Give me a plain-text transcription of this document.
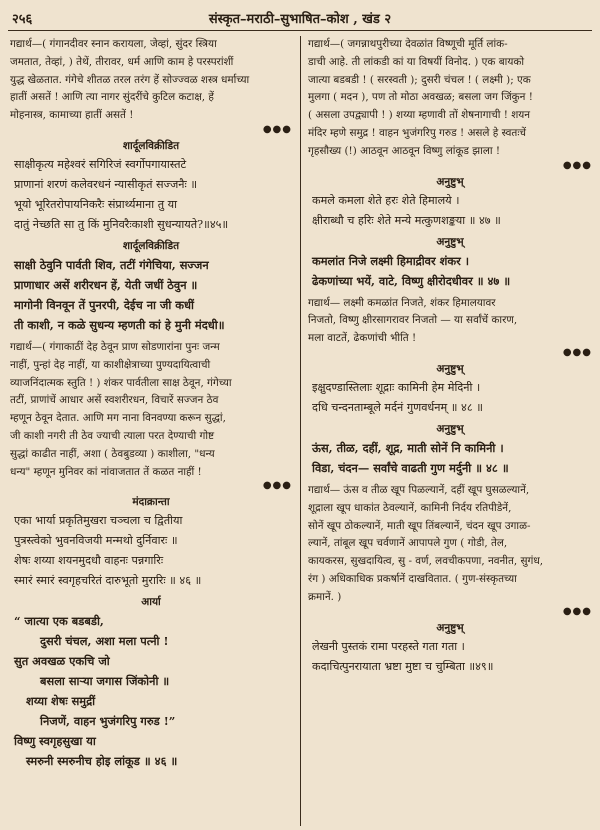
२५६	संस्कृत–मराठी–सुभाषित–कोश , खंड २

गद्यार्थ—( गंगानदीवर स्नान करायला, जेव्हां, सुंदर स्त्रिया
जमतात, तेव्हां, ) तेथें, तीरावर, धर्म आणि काम हे परस्परांशीं
युद्ध खेळतात. गंगेचे शीतळ तरल तरंग हें सोज्ज्वळ शस्त्र धर्माच्या
हातीं असतें ! आणि त्या नागर सुंदरींचे कुटिल कटाक्ष, हें
मोहनास्त्र, कामाच्या हातीं असतें !

●●●

शार्दूलविक्रीडित
साक्षीकृत्य महेश्वरं सगिरिजं स्वर्गोपगायास्तटे
प्राणानां शरणं कलेवरधनं न्यासीकृतं सज्जनैः ॥
भूयो भूरितरोपायनिकरैः संप्रार्थ्यमाना तु या
दातुं नेच्छति सा तु किं मुनिवरैःकाशी सुधन्यायते?॥४५॥
शार्दूलविक्रीडित
साक्षी ठेवुनि पार्वती शिव, तटीं गंगेचिया, सज्जन
प्राणाधार असें शरीरधन हें, येती जधीं ठेवुन ॥
मागोनी विनवून तें पुनरपी, देईच ना जी कधीं
ती काशी, न कळे सुधन्य म्हणती कां हे मुनी मंदधी॥

गद्यार्थ—( गंगाकाठीं देह ठेवून प्राण सोडणारांना पुनः जन्म
नाहीं, पुन्हां देह नाहीं, या काशीक्षेत्राच्या पुण्यदायित्वाची
व्याजनिंदात्मक स्तुति ! ) शंकर पार्वतीला साक्ष ठेवून, गंगेच्या
तटीं, प्राणांचें आधार असें स्वशरीरधन, विचारें सज्जन ठेव
म्हणून ठेवून देतात. आणि मग नाना विनवण्या करून सुद्धां,
जी काशी नगरी ती ठेव ज्याची त्याला परत देण्याची गोष्ट
सुद्धां काढीत नाहीं, अशा ( ठेवबुडव्या ) काशीला, "धन्य
धन्य" म्हणून मुनिवर कां नांवाजतात तें कळत नाहीं !

●●●

मंदाक्रान्ता
एका भार्या प्रकृतिमुखरा चञ्चला च द्वितीया
पुत्रस्त्वेको भुवनविजयी मन्मथो दुर्निवारः ॥
शेषः शय्या शयनमुदधौ वाहनः पन्नगारिः
स्मारं स्मारं स्वगृहचरितं दारुभूतो मुरारिः ॥ ४६ ॥
आर्या
“ जात्या एक बडबडी,
दुसरी चंचल, अशा मला पत्नी !
सुत अवखळ एकचि जो
बसला साऱ्या जगास जिंकोनी ॥
शय्या शेषः समुद्रीं
निजणें, वाहन भुजंगरिपु गरुड !”
विष्णु स्वगृहसुखा या
स्मरुनी स्मरुनीच होइ लांकूड ॥ ४६ ॥

गद्यार्थ—( जगन्नाथपुरीच्या देवळांत विष्णूची मूर्ति लांक-
डाची आहे. ती लांकडी कां या विषयीं विनोद. ) एक बायको
जात्या बडबडी ! ( सरस्वती ); दुसरी चंचल ! ( लक्ष्मी ); एक
मुलगा ( मदन ), पण तो मोठा अवखळ; बसला जग जिंकुन !
( असला उपद्व्यापी ! ) शय्या म्हणावी तों शेषनागाची ! शयन
मंदिर म्हणे समुद्र ! वाहन भुजंगरिपु गरुड ! असले हे स्वतःचें
गृहसौख्य (!) आठवून आठवून विष्णु लांकूड झाला !

●●●

अनुष्टुभ्
कमले कमला शेते हरः शेते हिमालये ।
क्षीराब्धौ च हरिः शेते मन्ये मत्कुणशङ्कया ॥ ४७ ॥
अनुष्टुभ्
कमलांत निजे लक्ष्मी हिमाद्रीवर शंकर ।
ढेकणांच्या भयें, वाटे, विष्णु क्षीरोदधीवर ॥ ४७ ॥

गद्यार्थ— लक्ष्मी कमळांत निजते, शंकर हिमालयावर
निजतो, विष्णु क्षीरसागरावर निजतो — या सर्वांचें कारण,
मला वाटतें, ढेकणांची भीति !

●●●

अनुष्टुभ्
इक्षुदण्डास्तिलाः शूद्राः कामिनी हेम मेदिनी ।
दधि चन्दनताम्बूले मर्दनं गुणवर्धनम् ॥ ४८ ॥
अनुष्टुभ्
ऊंस, तीळ, दहीं, शूद्र, माती सोनें नि कामिनी ।
विडा, चंदन— सर्वांचे वाढती गुण मर्दुनी ॥ ४८ ॥

गद्यार्थ— ऊंस व तीळ खूप पिळल्यानें, दहीं खूप घुसळल्यानें,
शूद्राला खूप धाकांत ठेवल्यानें, कामिनी निर्दय रतिपीडेनें,
सोनें खूप ठोकल्यानें, माती खूप तिंबल्यानें, चंदन खूप उगाळ-
ल्यानें, तांबूल खूप चर्वणानें आपापले गुण ( गोडी, तेल,
कायकरस, सुखदायित्व, सु - वर्ण, लवचीकपणा, नवनीत, सुगंध,
रंग ) अधिकाधिक प्रकर्षानें दाखवितात. ( गुण-संस्कृतच्या
क्रमानें. )

●●●

अनुष्टुभ्
लेखनी पुस्तकं रामा परहस्ते गता गता ।
कदाचित्पुनरायाता भ्रष्टा मुष्टा च चुम्बिता ॥४९॥
